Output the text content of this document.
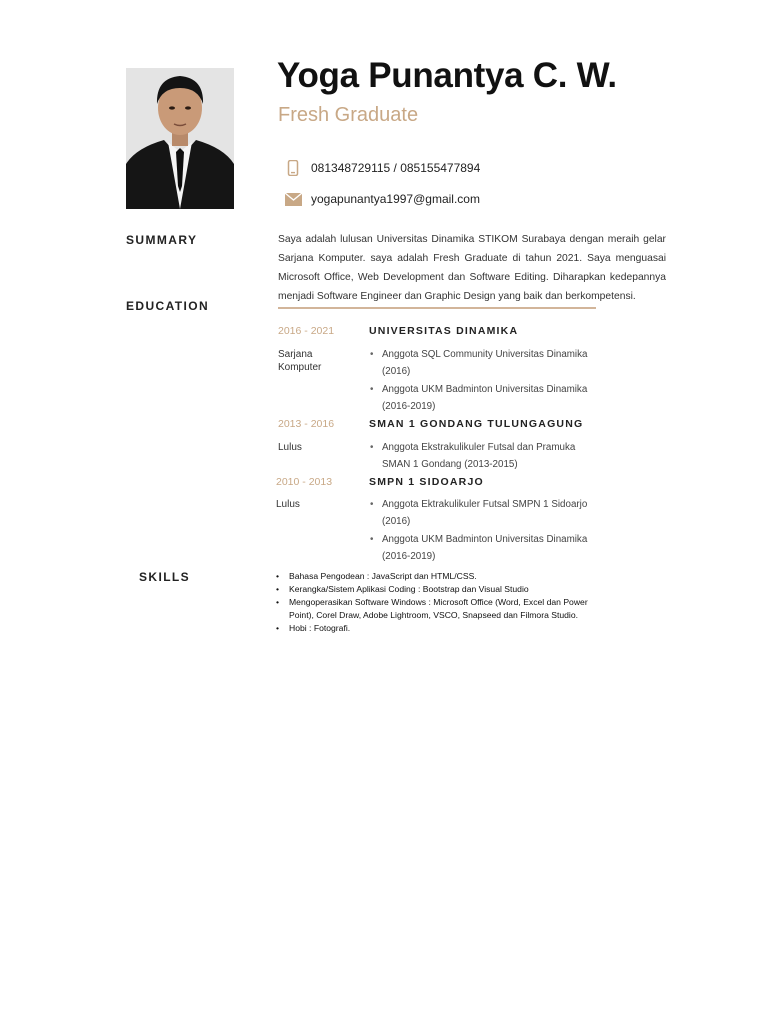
Yoga Punantya C. W.
Fresh Graduate
081348729115 / 085155477894
yogapunantya1997@gmail.com
SUMMARY
EDUCATION
SKILLS
Saya adalah lulusan Universitas Dinamika STIKOM Surabaya dengan meraih gelar Sarjana Komputer. saya adalah Fresh Graduate di tahun 2021. Saya menguasai Microsoft Office, Web Development dan Software Editing. Diharapkan kedepannya menjadi Software Engineer dan Graphic Design yang baik dan berkompetensi.
2016 - 2021	UNIVERSITAS DINAMIKA
Sarjana Komputer
• Anggota SQL Community Universitas Dinamika (2016)
• Anggota UKM Badminton Universitas Dinamika (2016-2019)
2013 - 2016	SMAN 1 GONDANG TULUNGAGUNG
Lulus	• Anggota Ekstrakulikuler Futsal dan Pramuka SMAN 1 Gondang (2013-2015)
2010 - 2013	SMPN 1 SIDOARJO
Lulus	• Anggota Ektrakulikuler Futsal SMPN 1 Sidoarjo (2016)
• Anggota UKM Badminton Universitas Dinamika (2016-2019)
• Bahasa Pengodean : JavaScript dan HTML/CSS.
• Kerangka/Sistem Aplikasi Coding : Bootstrap dan Visual Studio
• Mengoperasikan Software Windows : Microsoft Office (Word, Excel dan Power Point), Corel Draw, Adobe Lightroom, VSCO, Snapseed dan Filmora Studio.
• Hobi : Fotografi.
